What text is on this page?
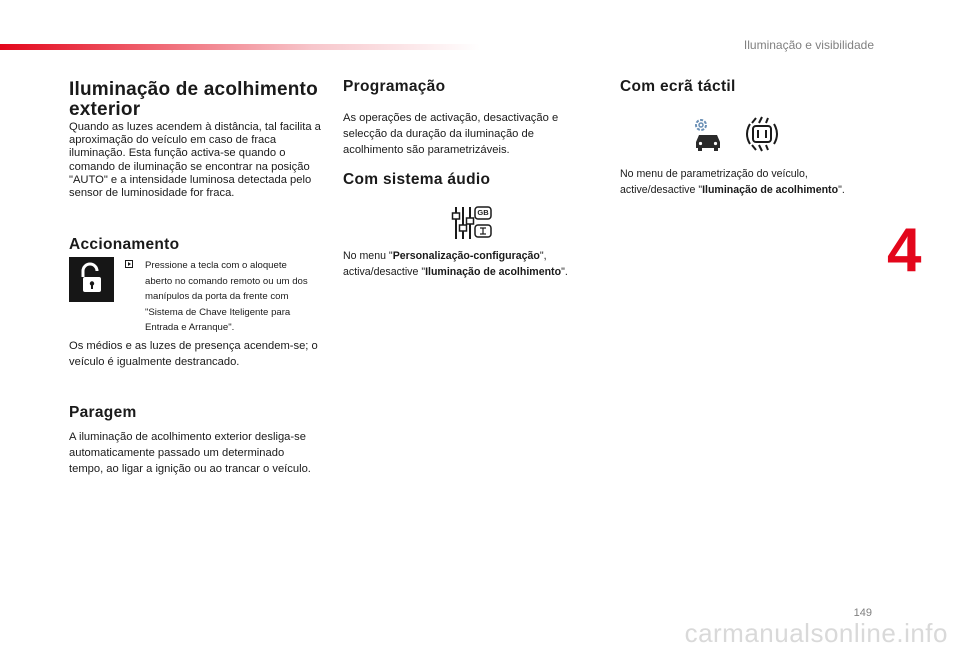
Iluminação e visibilidade
4
149
carmanualsonline.info
Iluminação de acolhimento exterior

Quando as luzes acendem à distância, tal facilita a aproximação do veículo em caso de fraca iluminação. Esta função activa-se quando o comando de iluminação se encontrar na posição "AUTO" e a intensidade luminosa detectada pelo sensor de luminosidade for fraca.

Accionamento

Os médios e as luzes de presença acendem-se; o veículo é igualmente destrancado.

Paragem

A iluminação de acolhimento exterior desliga-se automaticamente passado um determinado tempo, ao ligar a ignição ou ao trancar o veículo.

Pressione a tecla com o aloquete aberto no comando remoto ou um dos manípulos da porta da frente com "Sistema de Chave Iteligente para Entrada e Arranque".

Programação

As operações de activação, desactivação e selecção da duração da iluminação de acolhimento são parametrizáveis.

Com sistema áudio

No menu "Personalização-configuração", activa/desactive "Iluminação de acolhimento".

GB
Com ecrã táctil

No menu de parametrização do veículo, active/desactive "Iluminação de acolhimento".
